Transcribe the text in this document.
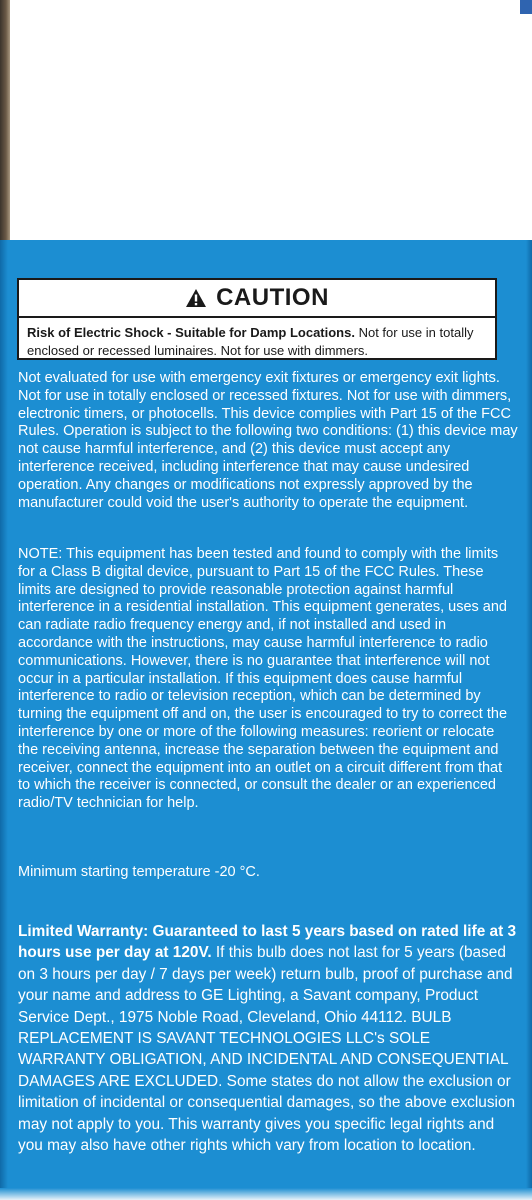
CAUTION
Risk of Electric Shock - Suitable for Damp Locations. Not for use in totally enclosed or recessed luminaires. Not for use with dimmers.
Not evaluated for use with emergency exit fixtures or emergency exit lights. Not for use in totally enclosed or recessed fixtures. Not for use with dimmers, electronic timers, or photocells. This device complies with Part 15 of the FCC Rules. Operation is subject to the following two conditions: (1) this device may not cause harmful interference, and (2) this device must accept any interference received, including interference that may cause undesired operation. Any changes or modifications not expressly approved by the manufacturer could void the user's authority to operate the equipment.
NOTE: This equipment has been tested and found to comply with the limits for a Class B digital device, pursuant to Part 15 of the FCC Rules. These limits are designed to provide reasonable protection against harmful interference in a residential installation. This equipment generates, uses and can radiate radio frequency energy and, if not installed and used in accordance with the instructions, may cause harmful interference to radio communications. However, there is no guarantee that interference will not occur in a particular installation. If this equipment does cause harmful interference to radio or television reception, which can be determined by turning the equipment off and on, the user is encouraged to try to correct the interference by one or more of the following measures: reorient or relocate the receiving antenna, increase the separation between the equipment and receiver, connect the equipment into an outlet on a circuit different from that to which the receiver is connected, or consult the dealer or an experienced radio/TV technician for help.
Minimum starting temperature -20 °C.
Limited Warranty: Guaranteed to last 5 years based on rated life at 3 hours use per day at 120V. If this bulb does not last for 5 years (based on 3 hours per day / 7 days per week) return bulb, proof of purchase and your name and address to GE Lighting, a Savant company, Product Service Dept., 1975 Noble Road, Cleveland, Ohio 44112. BULB REPLACEMENT IS SAVANT TECHNOLOGIES LLC's SOLE WARRANTY OBLIGATION, AND INCIDENTAL AND CONSEQUENTIAL DAMAGES ARE EXCLUDED. Some states do not allow the exclusion or limitation of incidental or consequential damages, so the above exclusion may not apply to you. This warranty gives you specific legal rights and you may also have other rights which vary from location to location.
